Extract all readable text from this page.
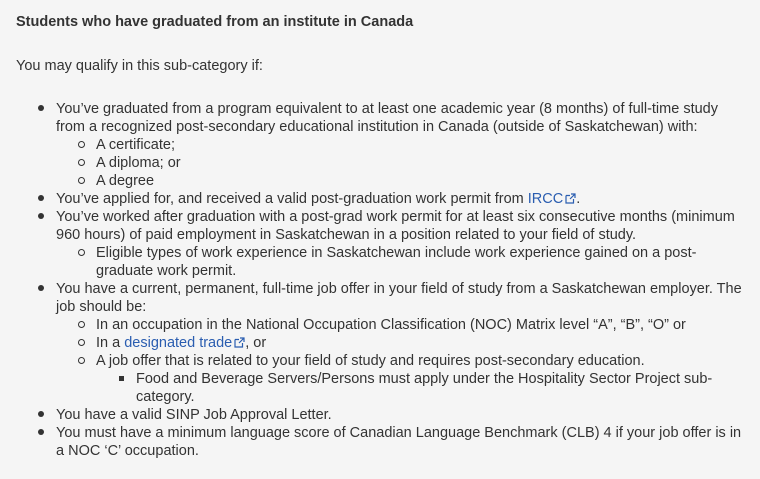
Students who have graduated from an institute in Canada

You may qualify in this sub-category if:

You’ve graduated from a program equivalent to at least one academic year (8 months) of full-time study from a recognized post-secondary educational institution in Canada (outside of Saskatchewan) with:
A certificate;
A diploma; or
A degree
You’ve applied for, and received a valid post-graduation work permit from IRCC .
You’ve worked after graduation with a post-grad work permit for at least six consecutive months (minimum 960 hours) of paid employment in Saskatchewan in a position related to your field of study.
Eligible types of work experience in Saskatchewan include work experience gained on a post-graduate work permit.
You have a current, permanent, full-time job offer in your field of study from a Saskatchewan employer. The job should be:
In an occupation in the National Occupation Classification (NOC) Matrix level “A”, “B”, “O” or
In a designated trade , or
A job offer that is related to your field of study and requires post-secondary education.
Food and Beverage Servers/Persons must apply under the Hospitality Sector Project sub-category.
You have a valid SINP Job Approval Letter.
You must have a minimum language score of Canadian Language Benchmark (CLB) 4 if your job offer is in a NOC ‘C’ occupation.
